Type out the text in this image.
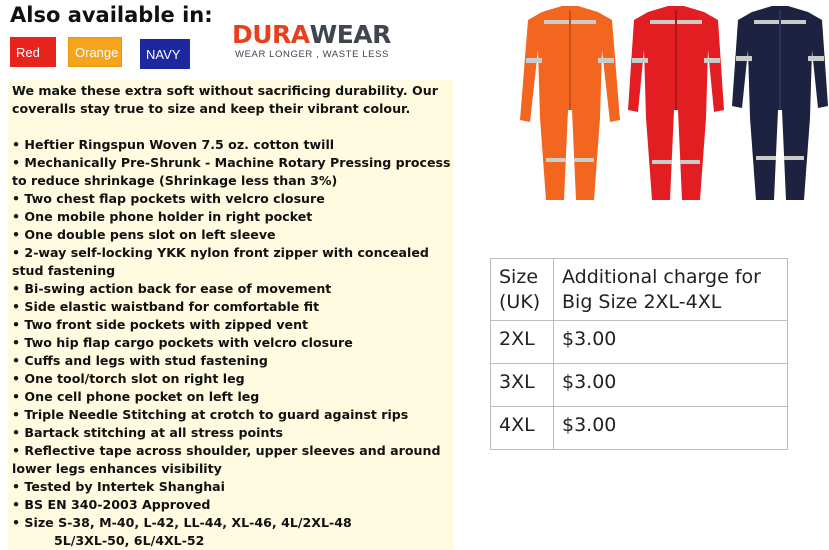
Also available in:
Red	Orange	NAVY
DURA WEAR
WEAR LONGER , WASTE LESS
We make these extra soft without sacrificing durability. Our coveralls stay true to size and keep their vibrant colour.
• Heftier Ringspun Woven 7.5 oz. cotton twill
• Mechanically Pre-Shrunk - Machine Rotary Pressing process to reduce shrinkage (Shrinkage less than 3%)
• Two chest flap pockets with velcro closure
• One mobile phone holder in right pocket
• One double pens slot on left sleeve
• 2-way self-locking YKK nylon front zipper with concealed stud fastening
• Bi-swing action back for ease of movement
• Side elastic waistband for comfortable fit
• Two front side pockets with zipped vent
• Two hip flap cargo pockets with velcro closure
• Cuffs and legs with stud fastening
• One tool/torch slot on right leg
• One cell phone pocket on left leg
• Triple Needle Stitching at crotch to guard against rips
• Bartack stitching at all stress points
• Reflective tape across shoulder, upper sleeves and around lower legs enhances visibility
• Tested by Intertek Shanghai
• BS EN 340-2003 Approved
• Size S-38, M-40, L-42, LL-44, XL-46, 4L/2XL-48
5L/3XL-50, 6L/4XL-52
Size (UK)	Additional charge for Big Size 2XL-4XL
2XL	$3.00
3XL	$3.00
4XL	$3.00
